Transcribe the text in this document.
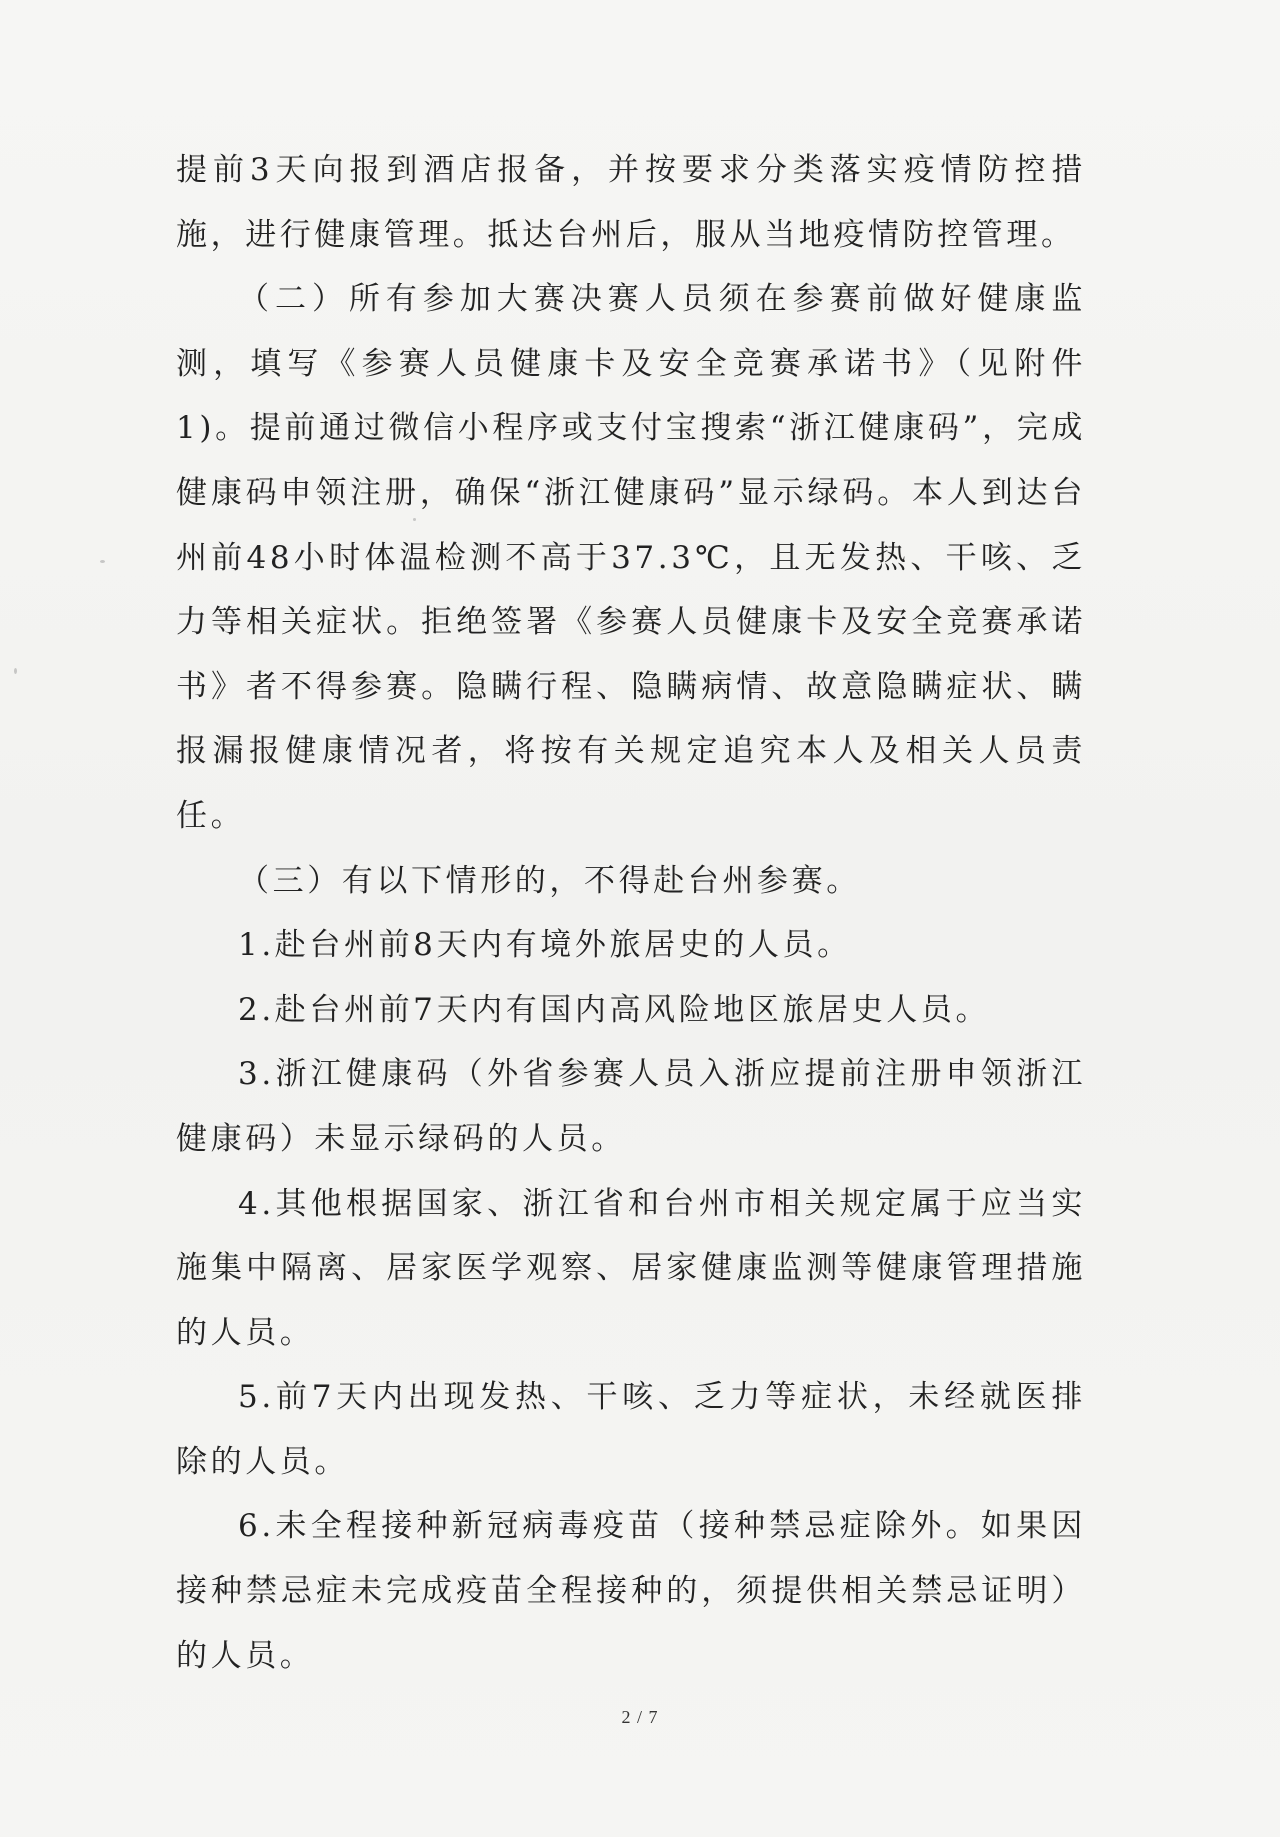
提前3天向报到酒店报备，并按要求分类落实疫情防控措施，进行健康管理。抵达台州后，服从当地疫情防控管理。

（二）所有参加大赛决赛人员须在参赛前做好健康监测，填写《参赛人员健康卡及安全竞赛承诺书》（见附件1)。提前通过微信小程序或支付宝搜索“浙江健康码”，完成健康码申领注册，确保“浙江健康码”显示绿码。本人到达台州前48小时体温检测不高于37.3℃，且无发热、干咳、乏力等相关症状。拒绝签署《参赛人员健康卡及安全竞赛承诺书》者不得参赛。隐瞒行程、隐瞒病情、故意隐瞒症状、瞒报漏报健康情况者，将按有关规定追究本人及相关人员责任。

（三）有以下情形的，不得赴台州参赛。

1.赴台州前8天内有境外旅居史的人员。

2.赴台州前7天内有国内高风险地区旅居史人员。

3.浙江健康码（外省参赛人员入浙应提前注册申领浙江健康码）未显示绿码的人员。

4.其他根据国家、浙江省和台州市相关规定属于应当实施集中隔离、居家医学观察、居家健康监测等健康管理措施的人员。

5.前7天内出现发热、干咳、乏力等症状，未经就医排除的人员。

6.未全程接种新冠病毒疫苗（接种禁忌症除外。如果因接种禁忌症未完成疫苗全程接种的，须提供相关禁忌证明）的人员。

2 / 7
